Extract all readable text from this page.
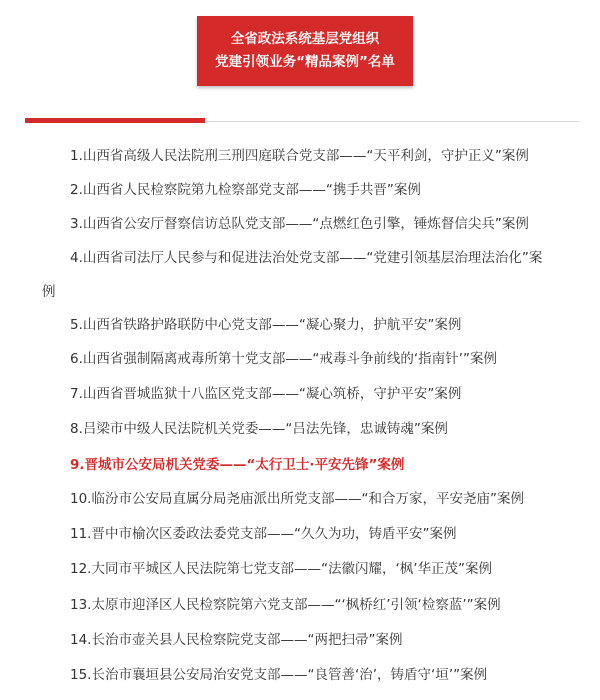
全省政法系统基层党组织
党建引领业务“精品案例”名单
1.山西省高级人民法院刑三刑四庭联合党支部——“天平利剑，守护正义”案例
2.山西省人民检察院第九检察部党支部——“携手共晋”案例
3.山西省公安厅督察信访总队党支部——“点燃红色引擎，锤炼督信尖兵”案例
4.山西省司法厅人民参与和促进法治处党支部——“党建引领基层治理法治化”案
例
5.山西省铁路护路联防中心党支部——“凝心聚力，护航平安”案例
6.山西省强制隔离戒毒所第十党支部——“戒毒斗争前线的‘指南针’”案例
7.山西省晋城监狱十八监区党支部——“凝心筑桥，守护平安”案例
8.吕梁市中级人民法院机关党委——“吕法先锋，忠诚铸魂”案例
9.晋城市公安局机关党委——“太行卫士·平安先锋”案例
10.临汾市公安局直属分局尧庙派出所党支部——“和合万家，平安尧庙”案例
11.晋中市榆次区委政法委党支部——“久久为功，铸盾平安”案例
12.大同市平城区人民法院第七党支部——“法徽闪耀，‘枫’华正茂”案例
13.太原市迎泽区人民检察院第六党支部——“‘枫桥红’引领‘检察蓝’”案例
14.长治市壶关县人民检察院党支部——“两把扫帚”案例
15.长治市襄垣县公安局治安党支部——“良管善‘治’，铸盾守‘垣’”案例
